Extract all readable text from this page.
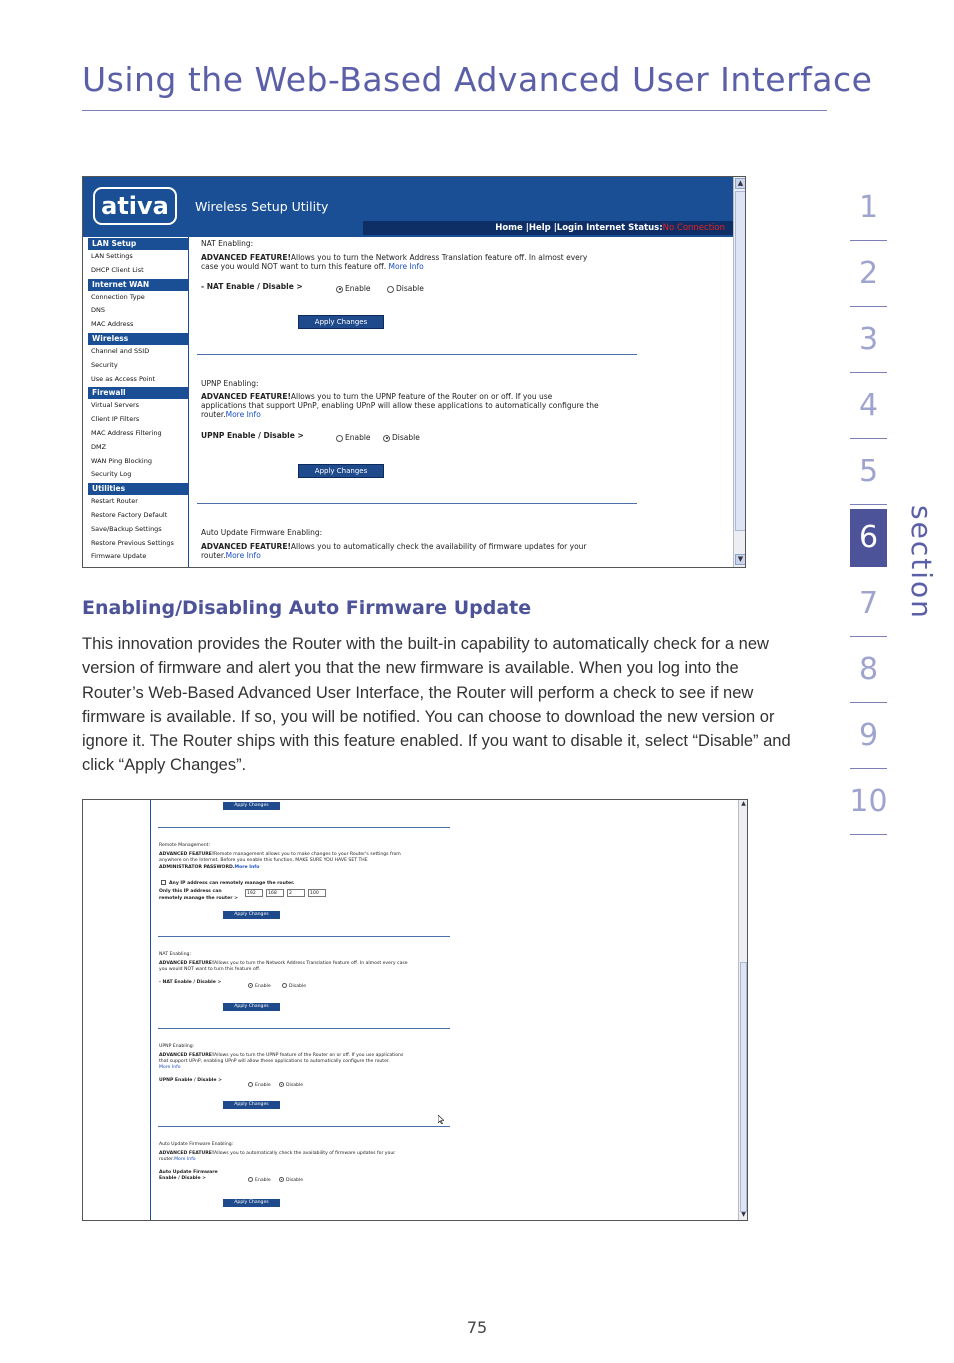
Using the Web-Based Advanced User Interface
1
2
3
4
5
6
7
8
9
10
section
ativa	Wireless Setup Utility
Home |Help |Login Internet Status:No Connection
LAN Setup
LAN Settings
DHCP Client List
Internet WAN
Connection Type
DNS
MAC Address
Wireless
Channel and SSID
Security
Use as Access Point
Firewall
Virtual Servers
Client IP Filters
MAC Address Filtering
DMZ
WAN Ping Blocking
Security Log
Utilities
Restart Router
Restore Factory Default
Save/Backup Settings
Restore Previous Settings
Firmware Update
NAT Enabling:
ADVANCED FEATURE!Allows you to turn the Network Address Translation feature off. In almost every
case you would NOT want to turn this feature off. More Info
- NAT Enable / Disable >	Enable	Disable
Apply Changes
UPNP Enabling:
ADVANCED FEATURE!Allows you to turn the UPNP feature of the Router on or off. If you use
applications that support UPnP, enabling UPnP will allow these applications to automatically configure the
router.More Info
UPNP Enable / Disable >	Enable	Disable
Apply Changes
Auto Update Firmware Enabling:
ADVANCED FEATURE!Allows you to automatically check the availability of firmware updates for your
router.More Info
▲
▼
Enabling/Disabling Auto Firmware Update
This innovation provides the Router with the built-in capability to automatically check for a new version of firmware and alert you that the new firmware is available. When you log into the Router’s Web-Based Advanced User Interface, the Router will perform a check to see if new firmware is available. If so, you will be notified. You can choose to download the new version or ignore it. The Router ships with this feature enabled. If you want to disable it, select “Disable” and click “Apply Changes”.
Apply Changes
Remote Management:
ADVANCED FEATURE!Remote management allows you to make changes to your Router's settings from
anywhere on the Internet. Before you enable this function, MAKE SURE YOU HAVE SET THE
ADMINISTRATOR PASSWORD.More Info
Any IP address can remotely manage the router.
Only this IP address can
remotely manage the router >
192	168	2	100
Apply Changes
NAT Enabling:
ADVANCED FEATURE!Allows you to turn the Network Address Translation feature off. In almost every case
you would NOT want to turn this feature off.
- NAT Enable / Disable >
Enable	Disable
Apply Changes
UPNP Enabling:
ADVANCED FEATURE!Allows you to turn the UPNP feature of the Router on or off. If you use applications
that support UPnP, enabling UPnP will allow these applications to automatically configure the router.
More Info
UPNP Enable / Disable >
Enable	Disable
Apply Changes
Auto Update Firmware Enabling:
ADVANCED FEATURE!Allows you to automatically check the availability of firmware updates for your
router.More Info
Auto Update Firmware
Enable / Disable >	Enable	Disable
Apply Changes
▲
▼
75
